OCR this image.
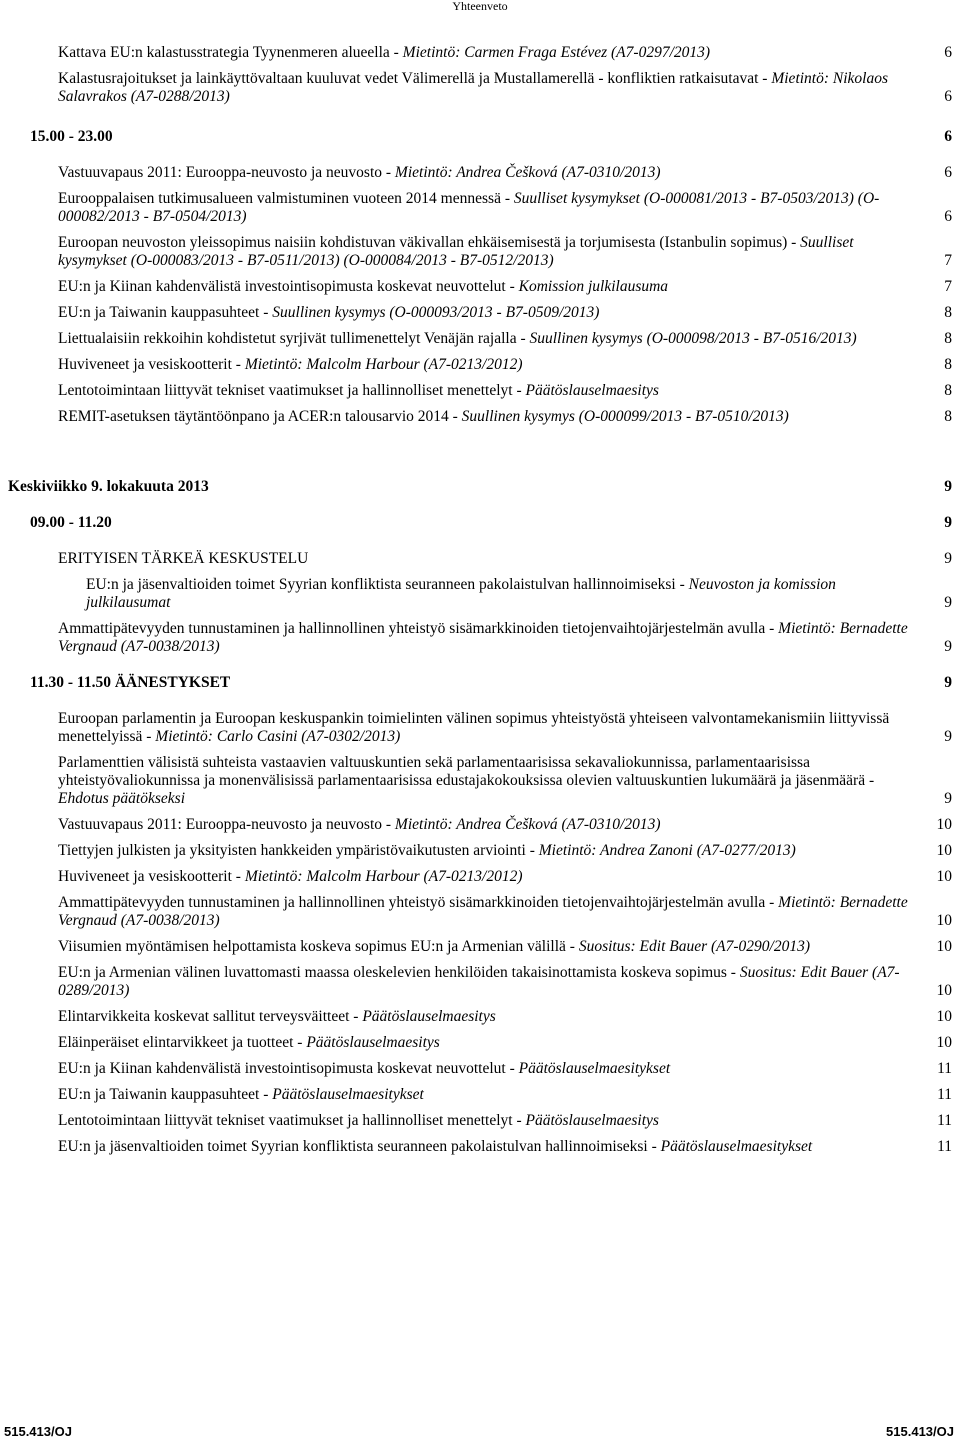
Yhteenveto
Kattava EU:n kalastusstrategia Tyynenmeren alueella - Mietintö: Carmen Fraga Estévez (A7-0297/2013)	6
Kalastusrajoitukset ja lainkäyttövaltaan kuuluvat vedet Välimerellä ja Mustallamerellä - konfliktien ratkaisutavat - Mietintö: Nikolaos Salavrakos (A7-0288/2013)	6
15.00 - 23.00	6
Vastuuvapaus 2011: Eurooppa-neuvosto ja neuvosto - Mietintö: Andrea Češková (A7-0310/2013)	6
Eurooppalaisen tutkimusalueen valmistuminen vuoteen 2014 mennessä - Suulliset kysymykset (O-000081/2013 - B7-0503/2013) (O-000082/2013 - B7-0504/2013)	6
Euroopan neuvoston yleissopimus naisiin kohdistuvan väkivallan ehkäisemisestä ja torjumisesta (Istanbulin sopimus) - Suulliset kysymykset (O-000083/2013 - B7-0511/2013) (O-000084/2013 - B7-0512/2013)	7
EU:n ja Kiinan kahdenvälistä investointisopimusta koskevat neuvottelut - Komission julkilausuma	7
EU:n ja Taiwanin kauppasuhteet - Suullinen kysymys (O-000093/2013 - B7-0509/2013)	8
Liettualaisiin rekkoihin kohdistetut syrjivät tullimenettelyt Venäjän rajalla - Suullinen kysymys (O-000098/2013 - B7-0516/2013)	8
Huviveneet ja vesiskootterit - Mietintö: Malcolm Harbour (A7-0213/2012)	8
Lentotoimintaan liittyvät tekniset vaatimukset ja hallinnolliset menettelyt - Päätöslauselmaesitys	8
REMIT-asetuksen täytäntöönpano ja ACER:n talousarvio 2014 - Suullinen kysymys (O-000099/2013 - B7-0510/2013)	8
Keskiviikko 9. lokakuuta 2013	9
09.00 - 11.20	9
ERITYISEN TÄRKEÄ KESKUSTELU	9
EU:n ja jäsenvaltioiden toimet Syyrian konfliktista seuranneen pakolaistulvan hallinnoimiseksi - Neuvoston ja komission julkilausumat	9
Ammattipätevyyden tunnustaminen ja hallinnollinen yhteistyö sisämarkkinoiden tietojenvaihtojärjestelmän avulla - Mietintö: Bernadette Vergnaud (A7-0038/2013)	9
11.30 - 11.50 ÄÄNESTYKSET	9
Euroopan parlamentin ja Euroopan keskuspankin toimielinten välinen sopimus yhteistyöstä yhteiseen valvontamekanismiin liittyvissä menettelyissä - Mietintö: Carlo Casini (A7-0302/2013)	9
Parlamenttien välisistä suhteista vastaavien valtuuskuntien sekä parlamentaarisissa sekavaliokunnissa, parlamentaarisissa yhteistyövaliokunnissa ja monenvälisissä parlamentaarisissa edustajakokouksissa olevien valtuuskuntien lukumäärä ja jäsenmäärä - Ehdotus päätökseksi	9
Vastuuvapaus 2011: Eurooppa-neuvosto ja neuvosto - Mietintö: Andrea Češková (A7-0310/2013)	10
Tiettyjen julkisten ja yksityisten hankkeiden ympäristövaikutusten arviointi - Mietintö: Andrea Zanoni (A7-0277/2013)	10
Huviveneet ja vesiskootterit - Mietintö: Malcolm Harbour (A7-0213/2012)	10
Ammattipätevyyden tunnustaminen ja hallinnollinen yhteistyö sisämarkkinoiden tietojenvaihtojärjestelmän avulla - Mietintö: Bernadette Vergnaud (A7-0038/2013)	10
Viisumien myöntämisen helpottamista koskeva sopimus EU:n ja Armenian välillä - Suositus: Edit Bauer (A7-0290/2013)	10
EU:n ja Armenian välinen luvattomasti maassa oleskelevien henkilöiden takaisinottamista koskeva sopimus - Suositus: Edit Bauer (A7-0289/2013)	10
Elintarvikkeita koskevat sallitut terveysväitteet - Päätöslauselmaesitys	10
Eläinperäiset elintarvikkeet ja tuotteet - Päätöslauselmaesitys	10
EU:n ja Kiinan kahdenvälistä investointisopimusta koskevat neuvottelut - Päätöslauselmaesitykset	11
EU:n ja Taiwanin kauppasuhteet - Päätöslauselmaesitykset	11
Lentotoimintaan liittyvät tekniset vaatimukset ja hallinnolliset menettelyt - Päätöslauselmaesitys	11
EU:n ja jäsenvaltioiden toimet Syyrian konfliktista seuranneen pakolaistulvan hallinnoimiseksi - Päätöslauselmaesitykset	11
515.413/OJ	515.413/OJ
